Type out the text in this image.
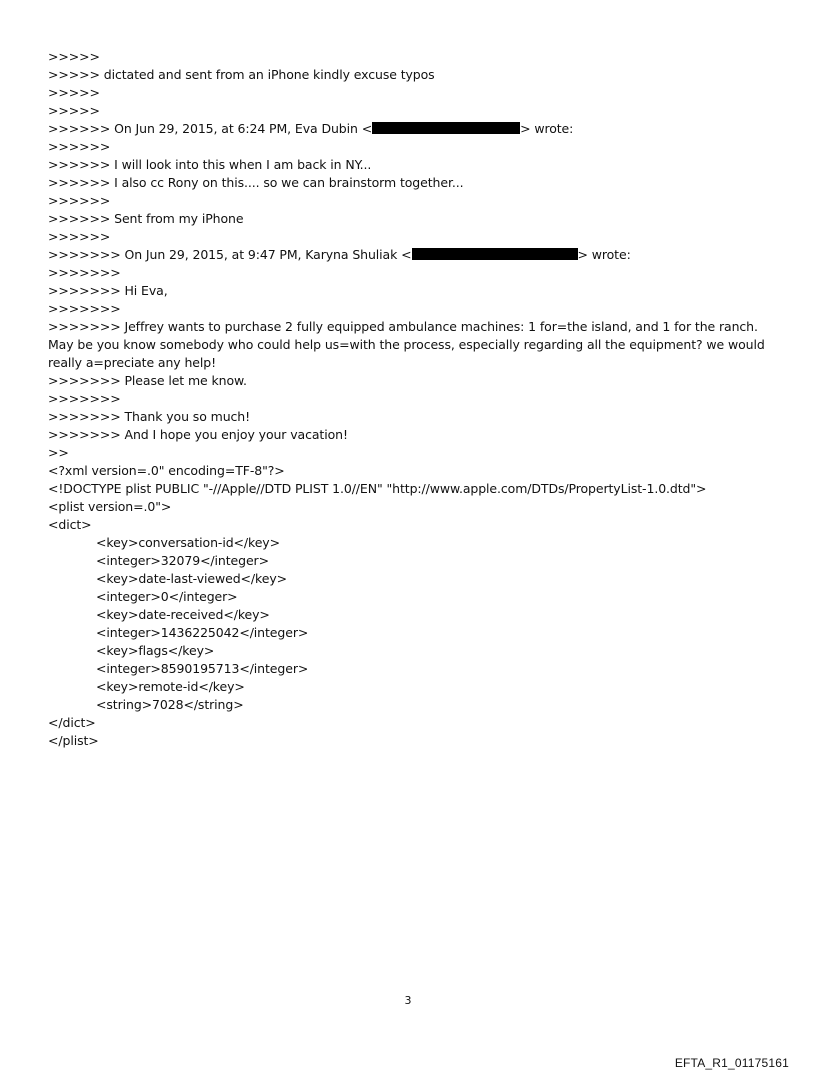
>>>>>
>>>>> dictated and sent from an iPhone kindly excuse typos
>>>>>
>>>>>
>>>>>> On Jun 29, 2015, at 6:24 PM, Eva Dubin <	> wrote:
>>>>>>
>>>>>> I will look into this when I am back in NY...
>>>>>> I also cc Rony on this.... so we can brainstorm together...
>>>>>>
>>>>>> Sent from my iPhone
>>>>>>
>>>>>>> On Jun 29, 2015, at 9:47 PM, Karyna Shuliak <	> wrote:
>>>>>>>
>>>>>>> Hi Eva,
>>>>>>>
>>>>>>> Jeffrey wants to purchase 2 fully equipped ambulance machines: 1 for=the island, and 1 for the ranch. May be you know somebody who could help us=with the process, especially regarding all the equipment? we would really a=preciate any help!
>>>>>>> Please let me know.
>>>>>>>
>>>>>>> Thank you so much!
>>>>>>> And I hope you enjoy your vacation!
>>
<?xml version=.0" encoding=TF-8"?>
<!DOCTYPE plist PUBLIC "-//Apple//DTD PLIST 1.0//EN" "http://www.apple.com/DTDs/PropertyList-1.0.dtd">
<plist version=.0">
<dict>
<key>conversation-id</key>
<integer>32079</integer>
<key>date-last-viewed</key>
<integer>0</integer>
<key>date-received</key>
<integer>1436225042</integer>
<key>flags</key>
<integer>8590195713</integer>
<key>remote-id</key>
<string>7028</string>
</dict>
</plist>
3
EFTA_R1_01175161
